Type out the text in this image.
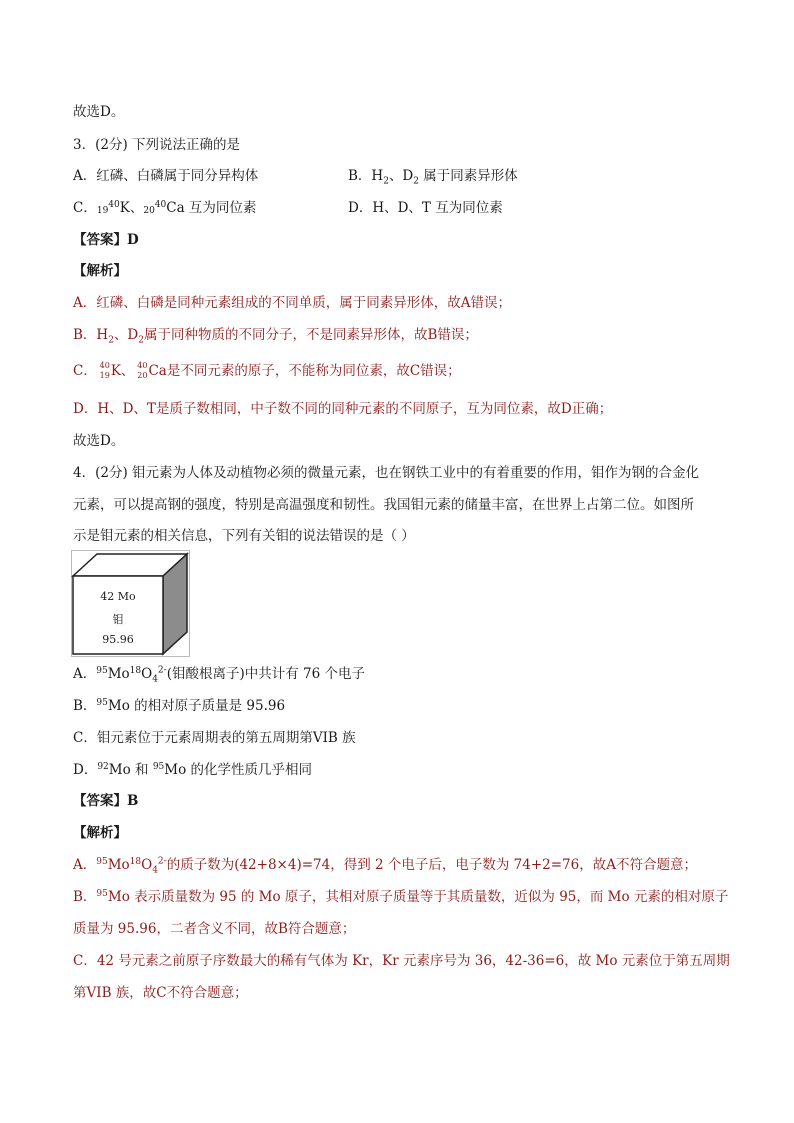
故选D。
3．(2分) 下列说法正确的是
A．红磷、白磷属于同分异构体	B．$H_2$、$D_2$ 属于同素异形体
C．$_{19}^{40}$K、$_{20}^{40}$Ca 互为同位素	D．H、D、T 互为同位素
【答案】D
【解析】
A．红磷、白磷是同种元素组成的不同单质，属于同素异形体，故A错误；
B．$H_2$、$D_2$属于同种物质的不同分子，不是同素异形体，故B错误；
C． 40
19 K、 40
20 Ca是不同元素的原子，不能称为同位素，故C错误；
D．H、D、T是质子数相同，中子数不同的同种元素的不同原子，互为同位素，故D正确；
故选D。
4．(2分) 钼元素为人体及动植物必须的微量元素，也在钢铁工业中的有着重要的作用，钼作为钢的合金化
元素，可以提高钢的强度，特别是高温强度和韧性。我国钼元素的储量丰富，在世界上占第二位。如图所
示是钼元素的相关信息，下列有关钼的说法错误的是（ ）
42 Mo
钼
95.96
A．$^{95}Mo^{18}O_4^{2-}$(钼酸根离子)中共计有 76 个电子
B．$^{95}$Mo 的相对原子质量是 95.96
C．钼元素位于元素周期表的第五周期第VIB 族
D．$^{92}$Mo 和 $^{95}$Mo 的化学性质几乎相同
【答案】B
【解析】
A．$^{95}Mo^{18}O_4^{2-}$的质子数为(42+8×4)=74，得到 2 个电子后，电子数为 74+2=76，故A不符合题意；
B．$^{95}$Mo 表示质量数为 95 的 Mo 原子，其相对原子质量等于其质量数，近似为 95，而 Mo 元素的相对原子
质量为 95.96，二者含义不同，故B符合题意；
C．42 号元素之前原子序数最大的稀有气体为 Kr，Kr 元素序号为 36，42-36=6，故 Mo 元素位于第五周期
第VIB 族，故C不符合题意；
